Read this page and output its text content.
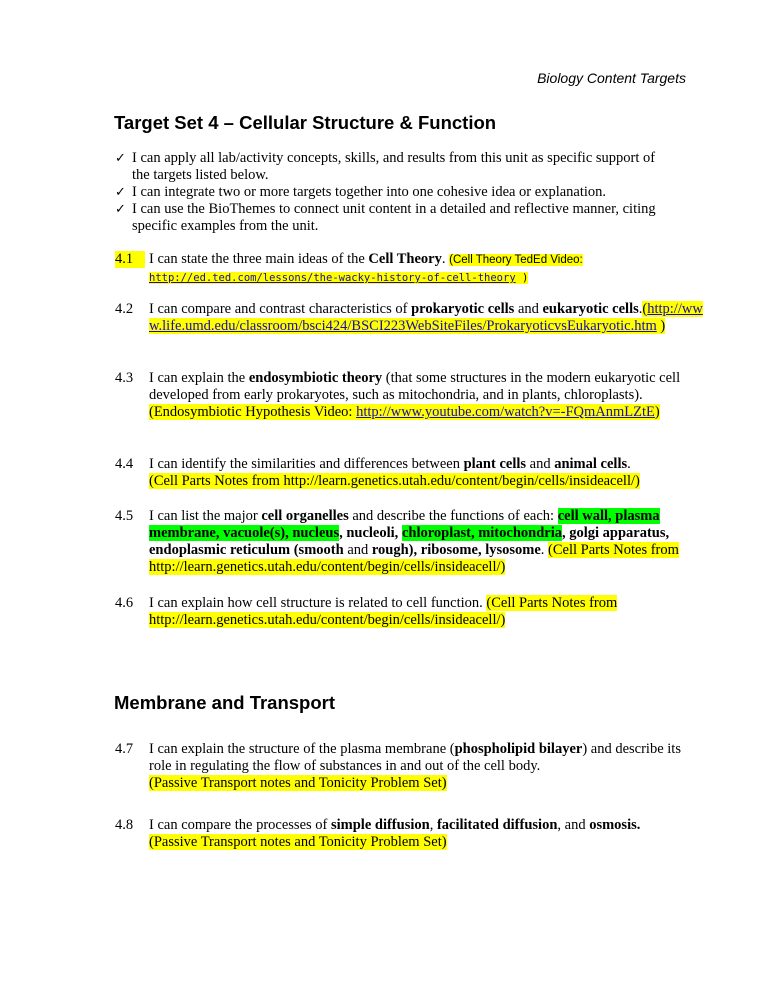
Biology Content Targets
Target Set 4 – Cellular Structure & Function
✓ I can apply all lab/activity concepts, skills, and results from this unit as specific support of the targets listed below.
✓ I can integrate two or more targets together into one cohesive idea or explanation.
✓ I can use the BioThemes to connect unit content in a detailed and reflective manner, citing specific examples from the unit.
4.1	I can state the three main ideas of the Cell Theory. (Cell Theory TedEd Video:
http://ed.ted.com/lessons/the-wacky-history-of-cell-theory )
4.2	I can compare and contrast characteristics of prokaryotic cells and eukaryotic cells.(http://www.life.umd.edu/classroom/bsci424/BSCI223WebSiteFiles/ProkaryoticvsEukaryotic.htm )
4.3	I can explain the endosymbiotic theory (that some structures in the modern eukaryotic cell developed from early prokaryotes, such as mitochondria, and in plants, chloroplasts). (Endosymbiotic Hypothesis Video: http://www.youtube.com/watch?v=-FQmAnmLZtE)
4.4	I can identify the similarities and differences between plant cells and animal cells.
(Cell Parts Notes from http://learn.genetics.utah.edu/content/begin/cells/insideacell/)
4.5	I can list the major cell organelles and describe the functions of each: cell wall, plasma membrane, vacuole(s), nucleus, nucleoli, chloroplast, mitochondria, golgi apparatus, endoplasmic reticulum (smooth and rough), ribosome, lysosome. (Cell Parts Notes from http://learn.genetics.utah.edu/content/begin/cells/insideacell/)
4.6	I can explain how cell structure is related to cell function. (Cell Parts Notes from http://learn.genetics.utah.edu/content/begin/cells/insideacell/)
Membrane and Transport
4.7	I can explain the structure of the plasma membrane (phospholipid bilayer) and describe its role in regulating the flow of substances in and out of the cell body.
(Passive Transport notes and Tonicity Problem Set)
4.8	I can compare the processes of simple diffusion, facilitated diffusion, and osmosis.
(Passive Transport notes and Tonicity Problem Set)
